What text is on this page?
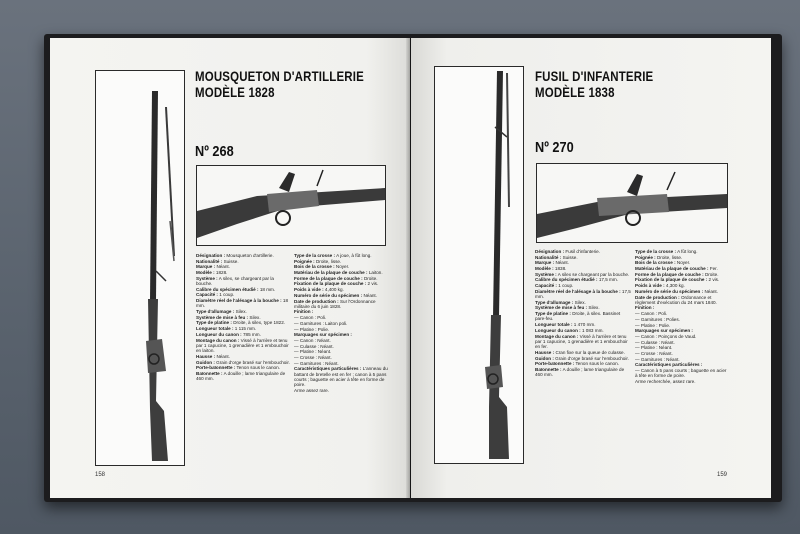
MOUSQUETON D'ARTILLERIE
MODÈLE 1828
Nº 268

Désignation : Mousqueton d'artillerie.

Nationalité : Suisse.

Marque : Néant.

Modèle : 1828.

Système : A silex, se chargeant par la bouche.

Calibre du spécimen étudié : 18 mm.

Capacité : 1 coup.

Diamètre réel de l'alésage à la bouche : 18 mm.

Type d'allumage : Silex.

Système de mise à feu : Silex.

Type de platine : Droite, à silex, type 1822.

Longueur totale : 1 115 mm.

Longueur du canon : 785 mm.

Montage du canon : Vissé à l'arrière et tenu par 1 capucine, 1 grenadière et 1 embouchoir en laiton.

Hausse : Néant.

Guidon : Grain d'orge brasé sur l'embouchoir.

Porte-baïonnette : Tenon sous le canon.

Baïonnette : A douille ; lame triangulaire de 460 mm.

Type de la crosse : A joue, à fût long.

Poignée : Droite, lisse.

Bois de la crosse : Noyer.

Matériau de la plaque de couche : Laiton.

Forme de la plaque de couche : Droite.

Fixation de la plaque de couche : 2 vis.

Poids à vide : 4,400 kg.

Numéro de série du spécimen : Néant.

Date de production : Sur l'Ordonnance militaire du 6 juin 1828.

Finition :

— Canon : Poli.

— Garnitures : Laiton poli.

— Platine : Polie.

Marquages sur spécimen :

— Canon : Néant.

— Culasse : Néant.

— Platine : Néant.

— Crosse : Néant.

— Garnitures : Néant.

Caractéristiques particulières : L'anneau du battant de bretelle est en fer ; canon à 5 pans courts ; baguette en acier à tête en forme de poire.

Arme assez rare.

158
FUSIL D'INFANTERIE
MODÈLE 1838
Nº 270

Désignation : Fusil d'infanterie.

Nationalité : Suisse.

Marque : Néant.

Modèle : 1838.

Système : A silex se chargeant par la bouche.

Calibre du spécimen étudié : 17,5 mm.

Capacité : 1 coup.

Diamètre réel de l'alésage à la bouche : 17,5 mm.

Type d'allumage : Silex.

Système de mise à feu : Silex.

Type de platine : Droite, à silex. Bassinet pare-feu.

Longueur totale : 1 470 mm.

Longueur du canon : 1 083 mm.

Montage du canon : Vissé à l'arrière et tenu par 1 capucine, 1 grenadière et 1 embouchoir en fer.

Hausse : Cran fixe sur la queue de culasse.

Guidon : Grain d'orge brasé sur l'embouchoir.

Porte-baïonnette : Tenon sous le canon.

Baïonnette : A douille ; lame triangulaire de 460 mm.

Type de la crosse : A fût long.

Poignée : Droite, lisse.

Bois de la crosse : Noyer.

Matériau de la plaque de couche : Fer.

Forme de la plaque de couche : Droite.

Fixation de la plaque de couche : 2 vis.

Poids à vide : 4,300 kg.

Numéro de série du spécimen : Néant.

Date de production : Ordonnance et règlement d'exécution du 24 mars 1840.

Finition :

— Canon : Poli.

— Garnitures : Polies.

— Platine : Polie.

Marquages sur spécimen :

— Canon : Poinçons de Vaud.

— Culasse : Néant.

— Platine : Néant.

— Crosse : Néant.

— Garnitures : Néant.

Caractéristiques particulières :

— Canon à 5 pans courts ; baguette en acier à tête en forme de poire.

Arme recherchée, assez rare.

159
